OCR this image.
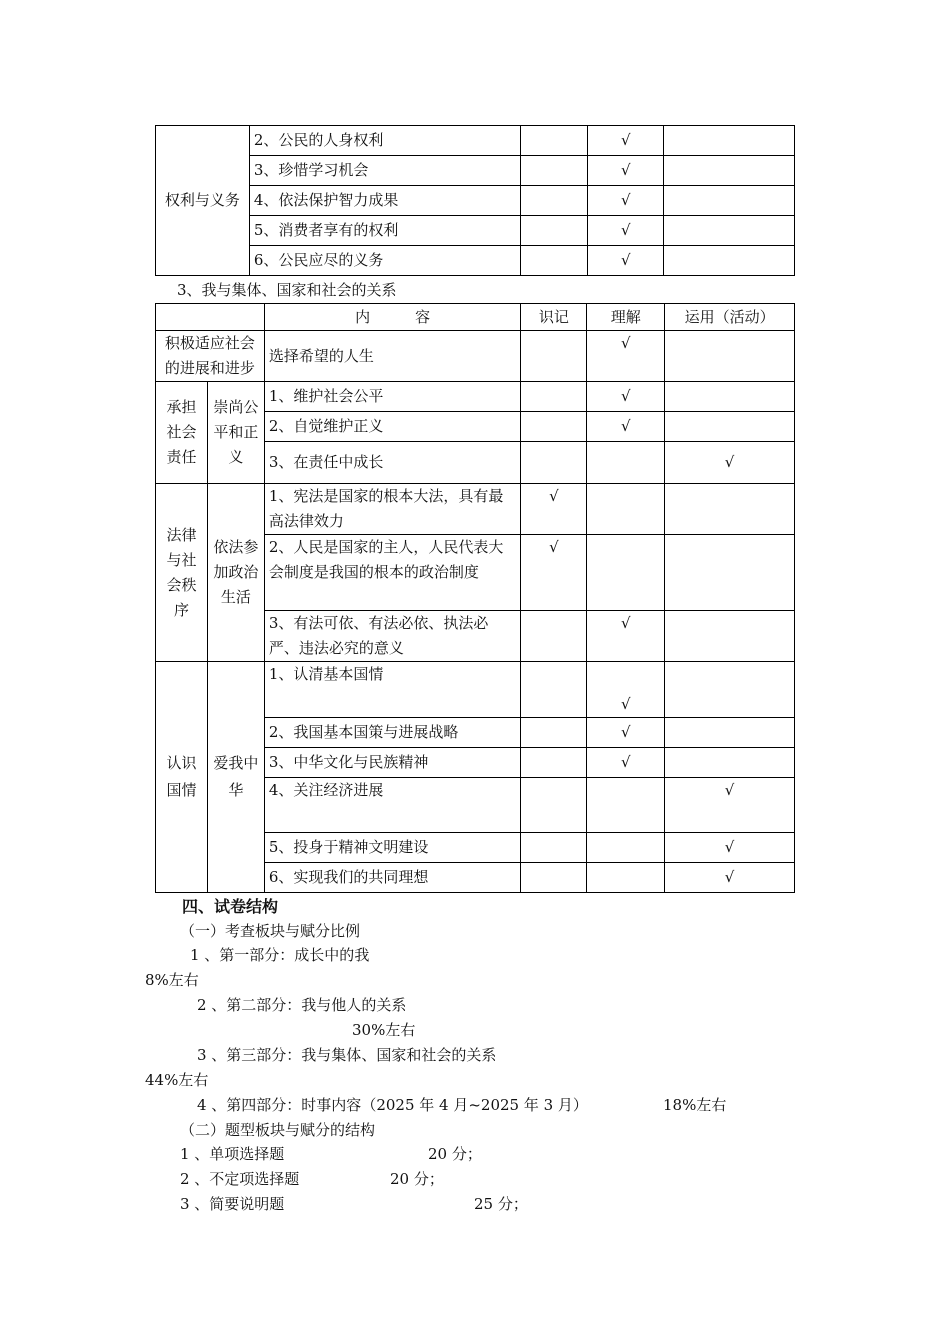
权利与义务	2、公民的人身权利		√	
	3、珍惜学习机会		√	
	4、依法保护智力成果		√	
	5、消费者享有的权利		√	
	6、公民应尽的义务		√	
3、我与集体、国家和社会的关系
		内　　　容	识记	理解	运用（活动）
积极适应社会的进展和进步		选择希望的人生		√	
承担社会责任	崇尚公平和正义	1、维护社会公平		√	
		2、自觉维护正义		√	
		3、在责任中成长			√
法律与社会秩序	依法参加政治生活	1、宪法是国家的根本大法，具有最高法律效力	√		
		2、人民是国家的主人，人民代表大会制度是我国的根本的政治制度	√		
		3、有法可依、有法必依、执法必严、违法必究的意义		√	
认识国情	爱我中华	1、认清基本国情		√	
		2、我国基本国策与进展战略		√	
		3、中华文化与民族精神		√	
		4、关注经济进展			√
		5、投身于精神文明建设			√
		6、实现我们的共同理想			√
四、试卷结构
（一）考查板块与赋分比例
1 、第一部分：成长中的我
8%左右
2 、第二部分：我与他人的关系
30%左右
3 、第三部分：我与集体、国家和社会的关系
44%左右
4 、第四部分：时事内容（2025 年 4 月~2025 年 3 月）	18%左右
（二）题型板块与赋分的结构
1 、单项选择题	20 分；
2 、不定项选择题	20 分；
3 、简要说明题	25 分；
